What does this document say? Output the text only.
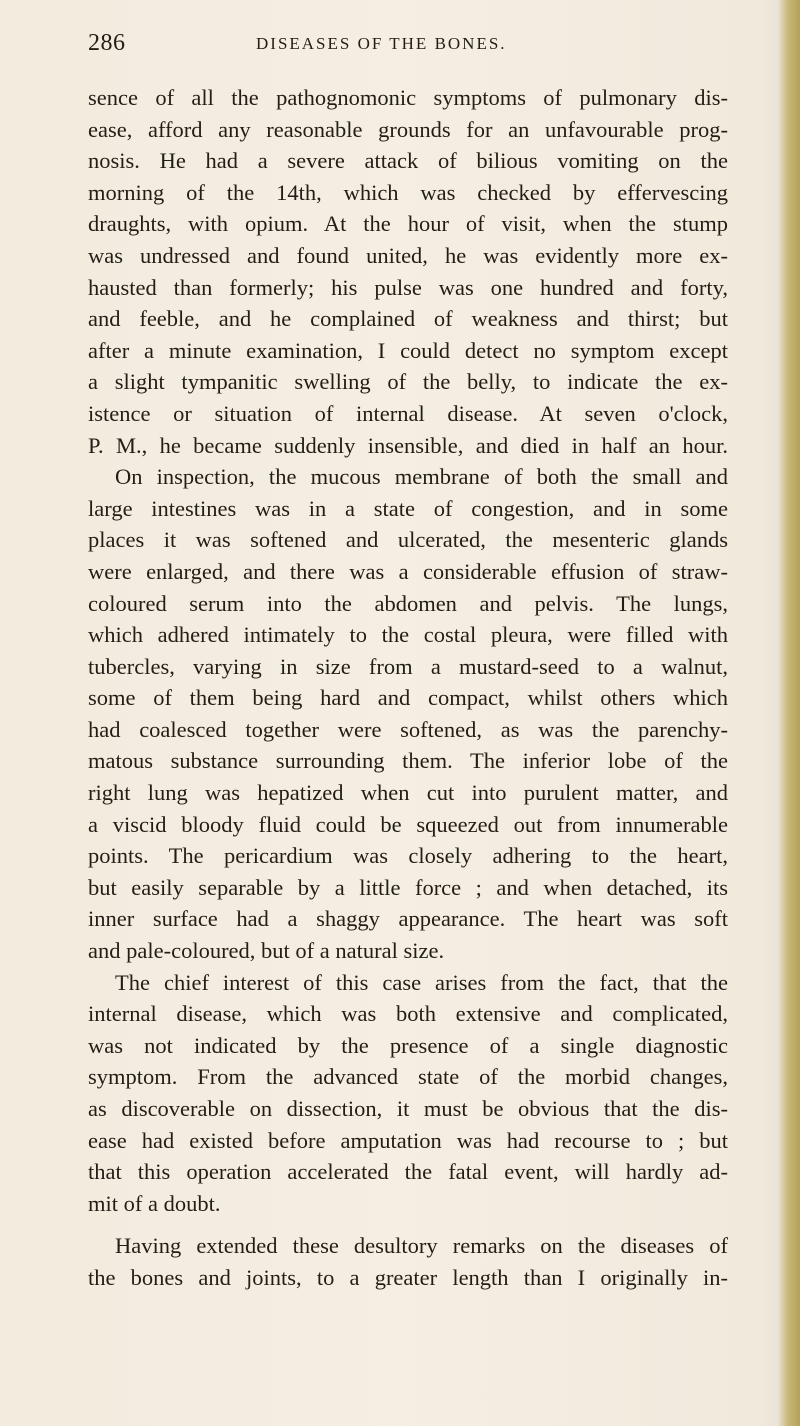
286	DISEASES OF THE BONES.
sence of all the pathognomonic symptoms of pulmonary dis-
ease, afford any reasonable grounds for an unfavourable prog-
nosis. He had a severe attack of bilious vomiting on the
morning of the 14th, which was checked by effervescing
draughts, with opium. At the hour of visit, when the stump
was undressed and found united, he was evidently more ex-
hausted than formerly; his pulse was one hundred and forty,
and feeble, and he complained of weakness and thirst; but
after a minute examination, I could detect no symptom except
a slight tympanitic swelling of the belly, to indicate the ex-
istence or situation of internal disease. At seven o'clock,
P. M., he became suddenly insensible, and died in half an hour.
On inspection, the mucous membrane of both the small and
large intestines was in a state of congestion, and in some
places it was softened and ulcerated, the mesenteric glands
were enlarged, and there was a considerable effusion of straw-
coloured serum into the abdomen and pelvis. The lungs,
which adhered intimately to the costal pleura, were filled with
tubercles, varying in size from a mustard-seed to a walnut,
some of them being hard and compact, whilst others which
had coalesced together were softened, as was the parenchy-
matous substance surrounding them. The inferior lobe of the
right lung was hepatized when cut into purulent matter, and
a viscid bloody fluid could be squeezed out from innumerable
points. The pericardium was closely adhering to the heart,
but easily separable by a little force ; and when detached, its
inner surface had a shaggy appearance. The heart was soft
and pale-coloured, but of a natural size.
The chief interest of this case arises from the fact, that the
internal disease, which was both extensive and complicated,
was not indicated by the presence of a single diagnostic
symptom. From the advanced state of the morbid changes,
as discoverable on dissection, it must be obvious that the dis-
ease had existed before amputation was had recourse to ; but
that this operation accelerated the fatal event, will hardly ad-
mit of a doubt.
Having extended these desultory remarks on the diseases of
the bones and joints, to a greater length than I originally in-
